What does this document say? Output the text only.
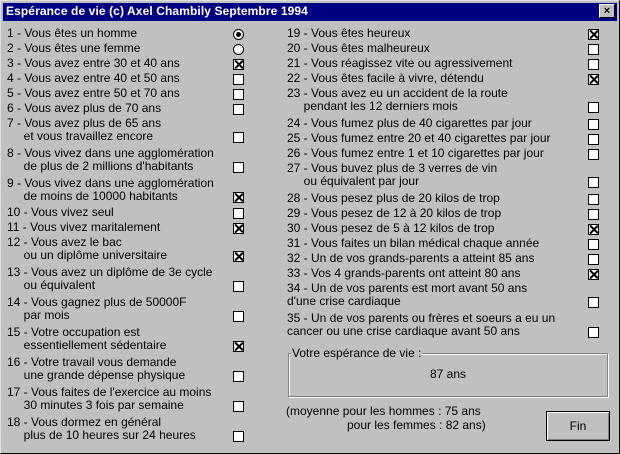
Espérance de vie (c) Axel Chambily Septembre 1994	×
1 - Vous êtes un homme
2 - Vous êtes une femme
3 - Vous avez entre 30 et 40 ans
4 - Vous avez entre 40 et 50 ans
5 - Vous avez entre 50 et 70 ans
6 - Vous avez plus de 70 ans
7 - Vous avez plus de 65 ans
et vous travaillez encore
8 - Vous vivez dans une agglomération
de plus de 2 millions d'habitants
9 - Vous vivez dans une agglomération
de moins de 10000 habitants
10 - Vous vivez seul
11 - Vous vivez maritalement
12 - Vous avez le bac
ou un diplôme universitaire
13 - Vous avez un diplôme de 3e cycle
ou équivalent
14 - Vous gagnez plus de 50000F
par mois
15 - Votre occupation est
essentiellement sédentaire
16 - Votre travail vous demande
une grande dépense physique
17 - Vous faites de l'exercice au moins
30 minutes 3 fois par semaine
18 - Vous dormez en général
plus de 10 heures sur 24 heures
19 - Vous êtes heureux
20 - Vous êtes malheureux
21 - Vous réagissez vite ou agressivement
22 - Vous êtes facile à vivre, détendu
23 - Vous avez eu un accident de la route
pendant les 12 derniers mois
24 - Vous fumez plus de 40 cigarettes par jour
25 - Vous fumez entre 20 et 40 cigarettes par jour
26 - Vous fumez entre 1 et 10 cigarettes par jour
27 - Vous buvez plus de 3 verres de vin
ou équivalent par jour
28 - Vous pesez plus de 20 kilos de trop
29 - Vous pesez de 12 à 20 kilos de trop
30 - Vous pesez de 5 à 12 kilos de trop
31 - Vous faites un bilan médical chaque année
32 - Un de vos grands-parents a atteint 85 ans
33 - Vos 4 grands-parents ont atteint 80 ans
34 - Un de vos parents est mort avant 50 ans
d'une crise cardiaque
35 - Un de vos parents ou frères et soeurs a eu un
cancer ou une crise cardiaque avant 50 ans
Votre espérance de vie :
87 ans
(moyenne pour les hommes : 75 ans
pour les femmes : 82 ans)	Fin
